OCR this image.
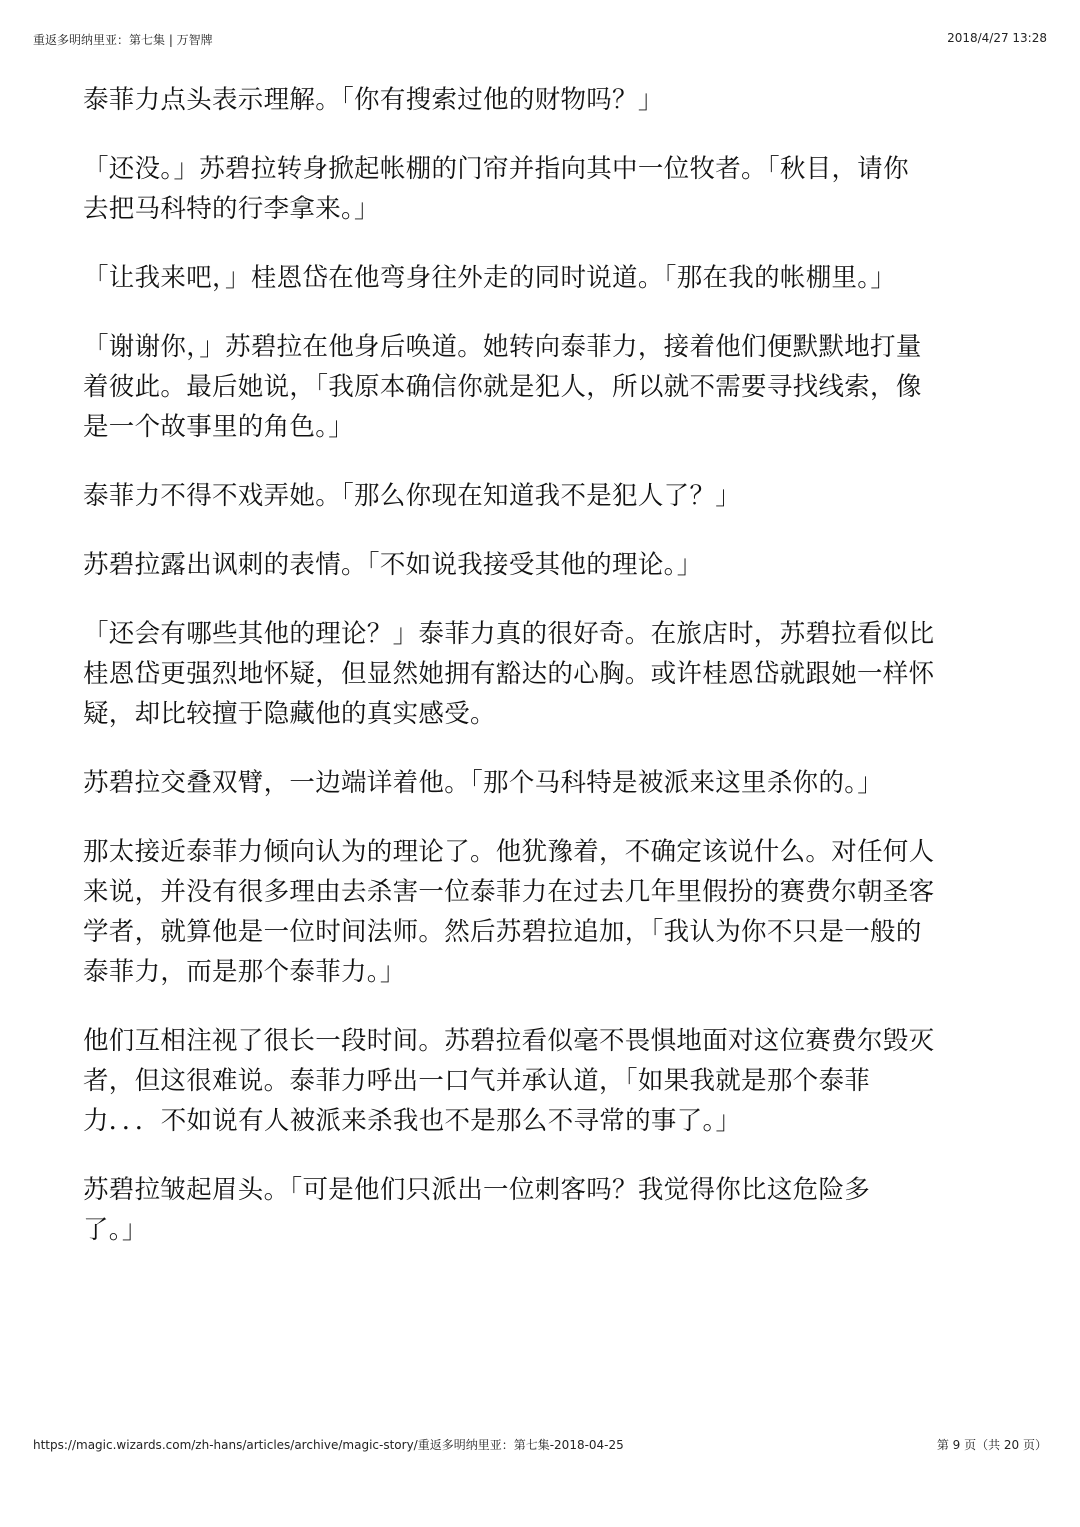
重返多明纳里亚：第七集 | 万智牌	2018/4/27 13:28
泰菲力点头表示理解。「你有搜索过他的财物吗？」
「还没。」苏碧拉转身掀起帐棚的门帘并指向其中一位牧者。「秋目，请你
去把马科特的行李拿来。」
「让我来吧，」桂恩岱在他弯身往外走的同时说道。「那在我的帐棚里。」
「谢谢你，」苏碧拉在他身后唤道。她转向泰菲力，接着他们便默默地打量
着彼此。最后她说，「我原本确信你就是犯人，所以就不需要寻找线索，像
是一个故事里的角色。」
泰菲力不得不戏弄她。「那么你现在知道我不是犯人了？」
苏碧拉露出讽刺的表情。「不如说我接受其他的理论。」
「还会有哪些其他的理论？」泰菲力真的很好奇。在旅店时，苏碧拉看似比
桂恩岱更强烈地怀疑，但显然她拥有豁达的心胸。或许桂恩岱就跟她一样怀
疑，却比较擅于隐藏他的真实感受。
苏碧拉交叠双臂，一边端详着他。「那个马科特是被派来这里杀你的。」
那太接近泰菲力倾向认为的理论了。他犹豫着，不确定该说什么。对任何人
来说，并没有很多理由去杀害一位泰菲力在过去几年里假扮的赛费尔朝圣客
学者，就算他是一位时间法师。然后苏碧拉追加，「我认为你不只是一般的
泰菲力，而是那个泰菲力。」
他们互相注视了很长一段时间。苏碧拉看似毫不畏惧地面对这位赛费尔毁灭
者，但这很难说。泰菲力呼出一口气并承认道，「如果我就是那个泰菲
力．．．不如说有人被派来杀我也不是那么不寻常的事了。」
苏碧拉皱起眉头。「可是他们只派出一位刺客吗？我觉得你比这危险多
了。」
https://magic.wizards.com/zh-hans/articles/archive/magic-story/重返多明纳里亚：第七集-2018-04-25	第 9 页（共 20 页）
